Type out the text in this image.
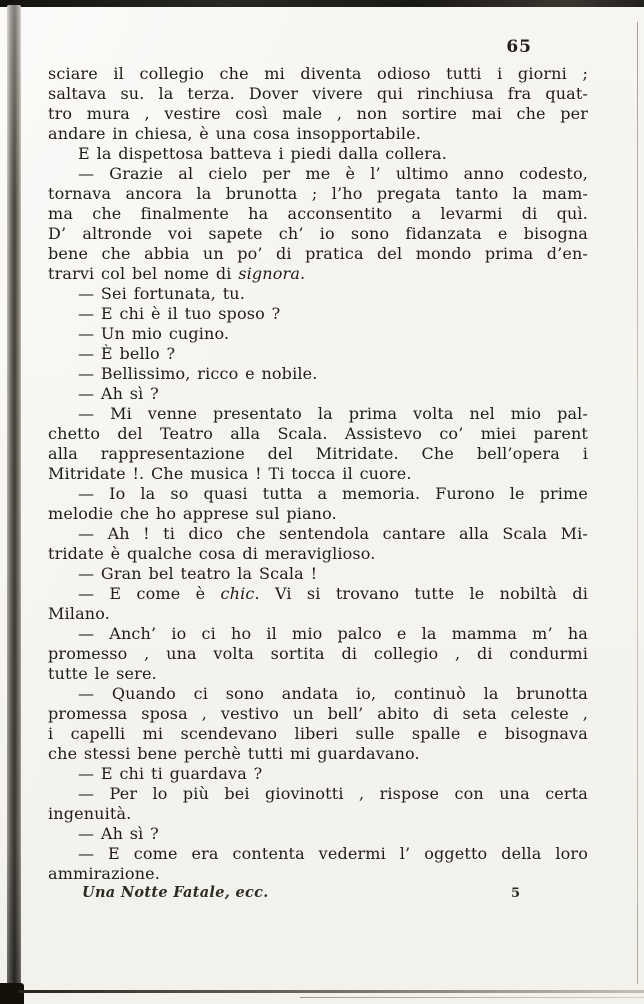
65
sciare il collegio che mi diventa odioso tutti i giorni ;
saltava su. la terza. Dover vivere qui rinchiusa fra quat-
tro mura , vestire così male , non sortire mai che per
andare in chiesa, è una cosa insopportabile.
E la dispettosa batteva i piedi dalla collera.
— Grazie al cielo per me è l’ ultimo anno codesto,
tornava ancora la brunotta ; l’ho pregata tanto la mam-
ma che finalmente ha acconsentito a levarmi di quì.
D’ altronde voi sapete ch’ io sono fidanzata e bisogna
bene che abbia un po’ di pratica del mondo prima d’en-
trarvi col bel nome di signora.
— Sei fortunata, tu.
— E chi è il tuo sposo ?
— Un mio cugino.
— È bello ?
— Bellissimo, ricco e nobile.
— Ah sì ?
— Mi venne presentato la prima volta nel mio pal-
chetto del Teatro alla Scala. Assistevo co’ miei parent
alla rappresentazione del Mitridate. Che bell’opera i
Mitridate !. Che musica ! Ti tocca il cuore.
— Io la so quasi tutta a memoria. Furono le prime
melodie che ho apprese sul piano.
— Ah ! ti dico che sentendola cantare alla Scala Mi-
tridate è qualche cosa di meraviglioso.
— Gran bel teatro la Scala !
— E come è chic. Vi si trovano tutte le nobiltà di
Milano.
— Anch’ io ci ho il mio palco e la mamma m’ ha
promesso , una volta sortita di collegio , di condurmi
tutte le sere.
— Quando ci sono andata io, continuò la brunotta
promessa sposa , vestivo un bell’ abito di seta celeste ,
i capelli mi scendevano liberi sulle spalle e bisognava
che stessi bene perchè tutti mi guardavano.
— E chi ti guardava ?
— Per lo più bei giovinotti , rispose con una certa
ingenuità.
— Ah sì ?
— E come era contenta vedermi l’ oggetto della loro
ammirazione.
Una Notte Fatale, ecc.	5
